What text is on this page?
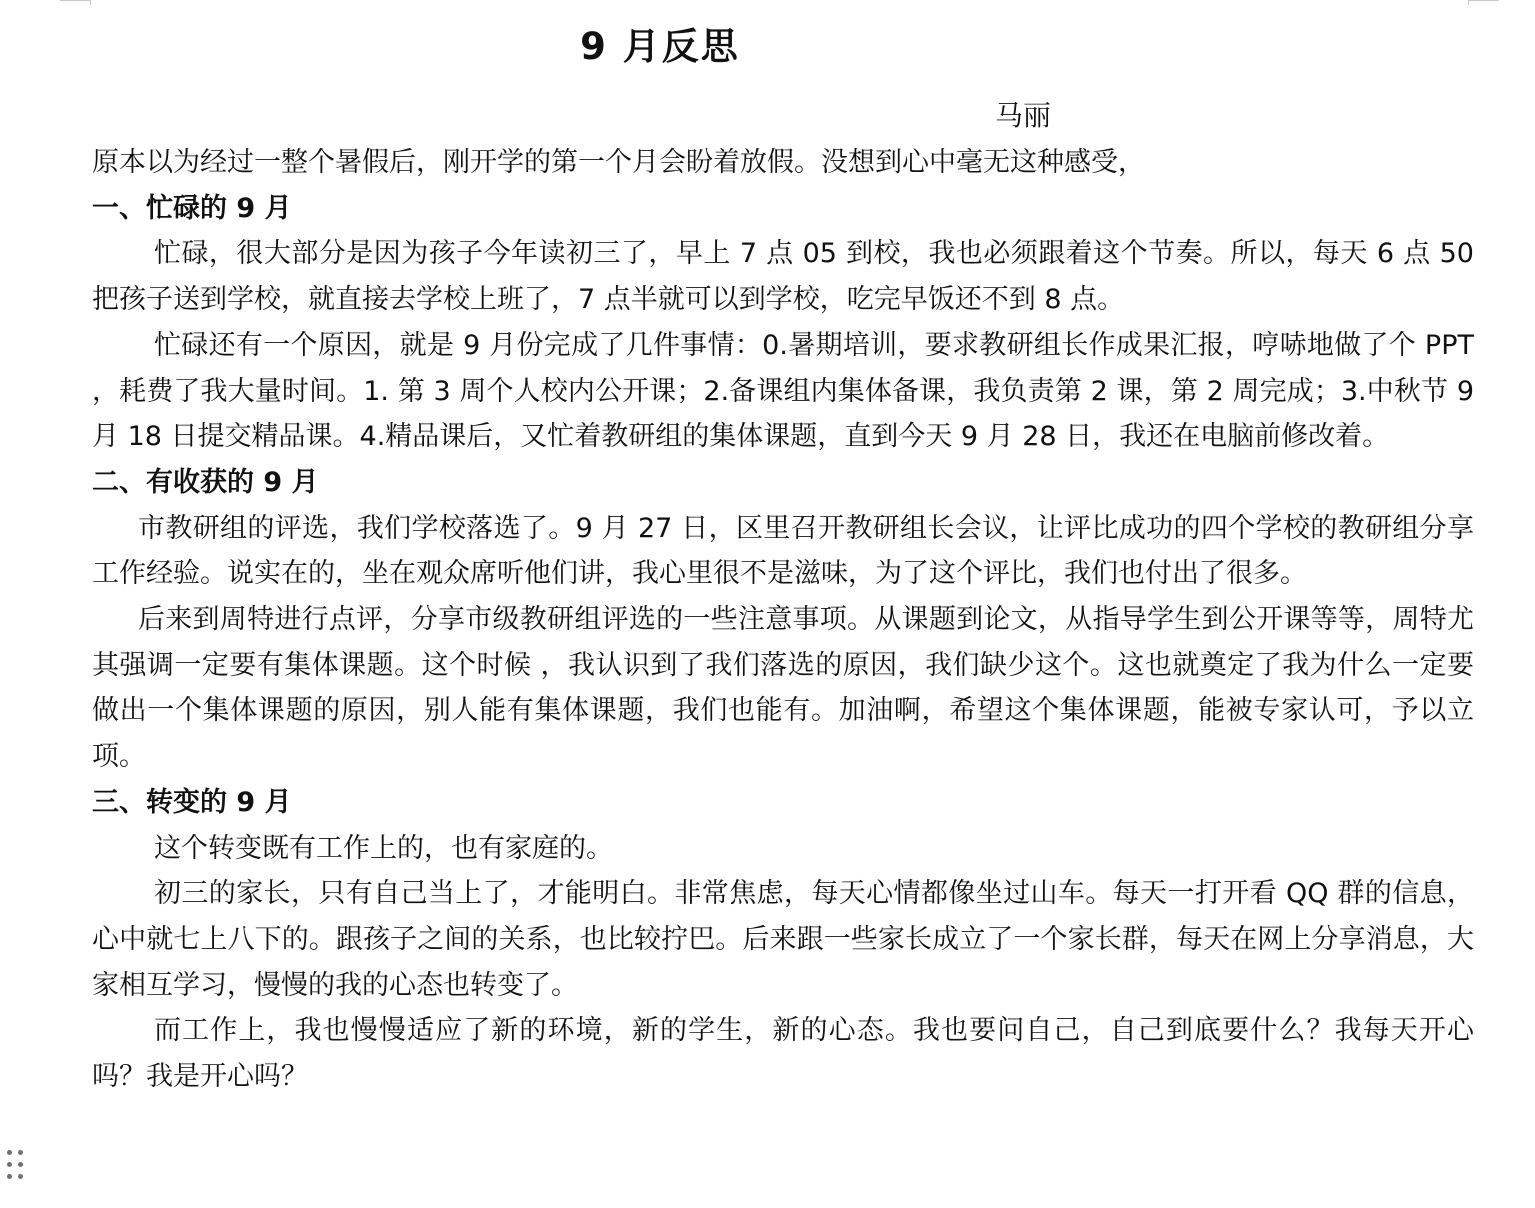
9 月反思
马丽

原本以为经过一整个暑假后，刚开学的第一个月会盼着放假。没想到心中毫无这种感受，

一、忙碌的 9 月

忙碌，很大部分是因为孩子今年读初三了，早上 7 点 05 到校，我也必须跟着这个节奏。所以，每天 6 点 50 把孩子送到学校，就直接去学校上班了，7 点半就可以到学校，吃完早饭还不到 8 点。

忙碌还有一个原因，就是 9 月份完成了几件事情：0.暑期培训，要求教研组长作成果汇报，哼哧地做了个 PPT ，耗费了我大量时间。1. 第 3 周个人校内公开课；2.备课组内集体备课，我负责第 2 课，第 2 周完成；3.中秋节 9 月 18 日提交精品课。4.精品课后，又忙着教研组的集体课题，直到今天 9 月 28 日，我还在电脑前修改着。

二、有收获的 9 月

市教研组的评选，我们学校落选了。9 月 27 日，区里召开教研组长会议，让评比成功的四个学校的教研组分享工作经验。说实在的，坐在观众席听他们讲，我心里很不是滋味，为了这个评比，我们也付出了很多。

后来到周特进行点评，分享市级教研组评选的一些注意事项。从课题到论文，从指导学生到公开课等等，周特尤其强调一定要有集体课题。这个时候 ，我认识到了我们落选的原因，我们缺少这个。这也就奠定了我为什么一定要做出一个集体课题的原因，别人能有集体课题，我们也能有。加油啊，希望这个集体课题，能被专家认可，予以立项。

三、转变的 9 月

这个转变既有工作上的，也有家庭的。

初三的家长，只有自己当上了，才能明白。非常焦虑，每天心情都像坐过山车。每天一打开看 QQ 群的信息，心中就七上八下的。跟孩子之间的关系，也比较拧巴。后来跟一些家长成立了一个家长群，每天在网上分享消息，大家相互学习，慢慢的我的心态也转变了。

而工作上，我也慢慢适应了新的环境，新的学生，新的心态。我也要问自己，自己到底要什么？我每天开心吗？我是开心吗？
